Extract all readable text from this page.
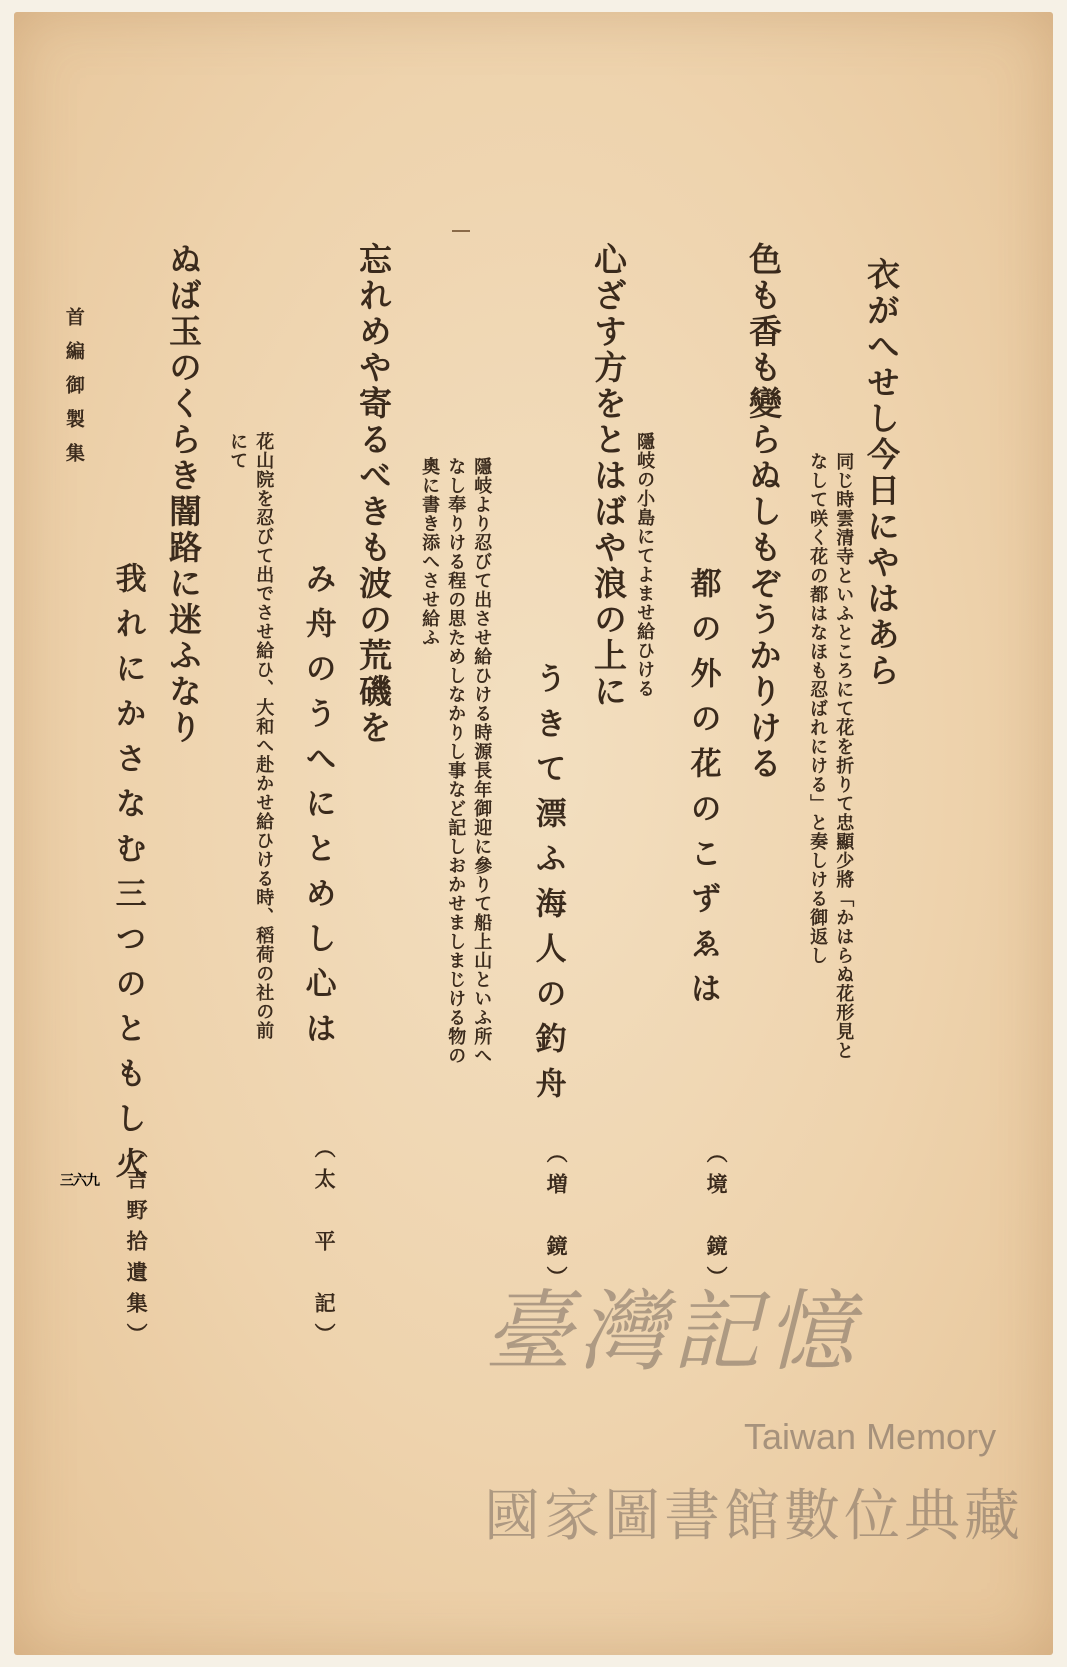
同じ時雲清寺といふところにて花を折りて忠顯少將「かはらぬ花形見と
なして咲く花の都はなほも忍ばれにける」と奏しける御返し 衣がへせし今日にやはあら
色も香も變らぬしもぞうかりける
都の外の花のこずゑは
（境　鏡）
隱岐の小島にてよませ給ひける
心ざす方をとはばや浪の上に
うきて漂ふ海人の釣舟
（増　鏡）
隱岐より忍びて出させ給ひける時源長年御迎に參りて船上山といふ所へ
なし奉りける程の思ためしなかりし事など記しおかせましまじける物の
奧に書き添へさせ給ふ
忘れめや寄るべきも波の荒磯を
み舟のうへにとめし心は
（太　平　記）
花山院を忍びて出でさせ給ひ、大和へ赴かせ給ひける時、稻荷の社の前
にて
ぬば玉のくらき闇路に迷ふなり
我れにかさなむ三つのともし火
（吉野拾遺集）
首編御製集
三六九
臺灣記憶
Taiwan Memory
國家圖書館數位典藏
